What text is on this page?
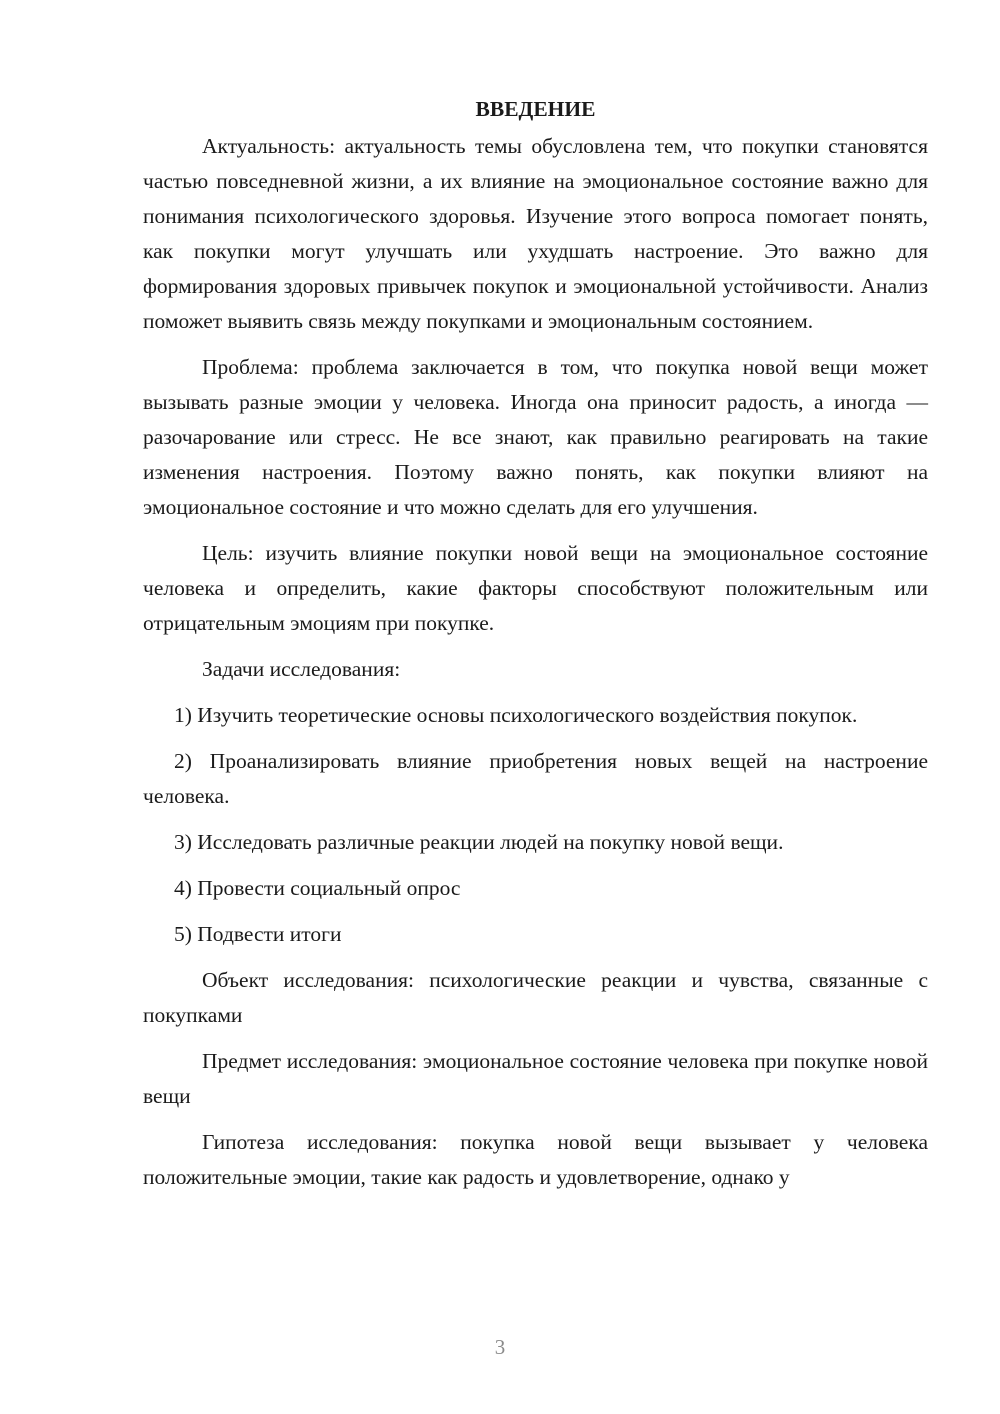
ВВЕДЕНИЕ

Актуальность: актуальность темы обусловлена тем, что покупки становятся частью повседневной жизни, а их влияние на эмоциональное состояние важно для понимания психологического здоровья. Изучение этого вопроса помогает понять, как покупки могут улучшать или ухудшать настроение. Это важно для формирования здоровых привычек покупок и эмоциональной устойчивости. Анализ поможет выявить связь между покупками и эмоциональным состоянием.

Проблема: проблема заключается в том, что покупка новой вещи может вызывать разные эмоции у человека. Иногда она приносит радость, а иногда — разочарование или стресс. Не все знают, как правильно реагировать на такие изменения настроения. Поэтому важно понять, как покупки влияют на эмоциональное состояние и что можно сделать для его улучшения.

Цель: изучить влияние покупки новой вещи на эмоциональное состояние человека и определить, какие факторы способствуют положительным или отрицательным эмоциям при покупке.

Задачи исследования:

1) Изучить теоретические основы психологического воздействия покупок.

2) Проанализировать влияние приобретения новых вещей на настроение человека.

3) Исследовать различные реакции людей на покупку новой вещи.

4) Провести социальный опрос

5) Подвести итоги

Объект исследования: психологические реакции и чувства, связанные с покупками

Предмет исследования: эмоциональное состояние человека при покупке новой вещи

Гипотеза исследования: покупка новой вещи вызывает у человека положительные эмоции, такие как радость и удовлетворение, однако у

3
